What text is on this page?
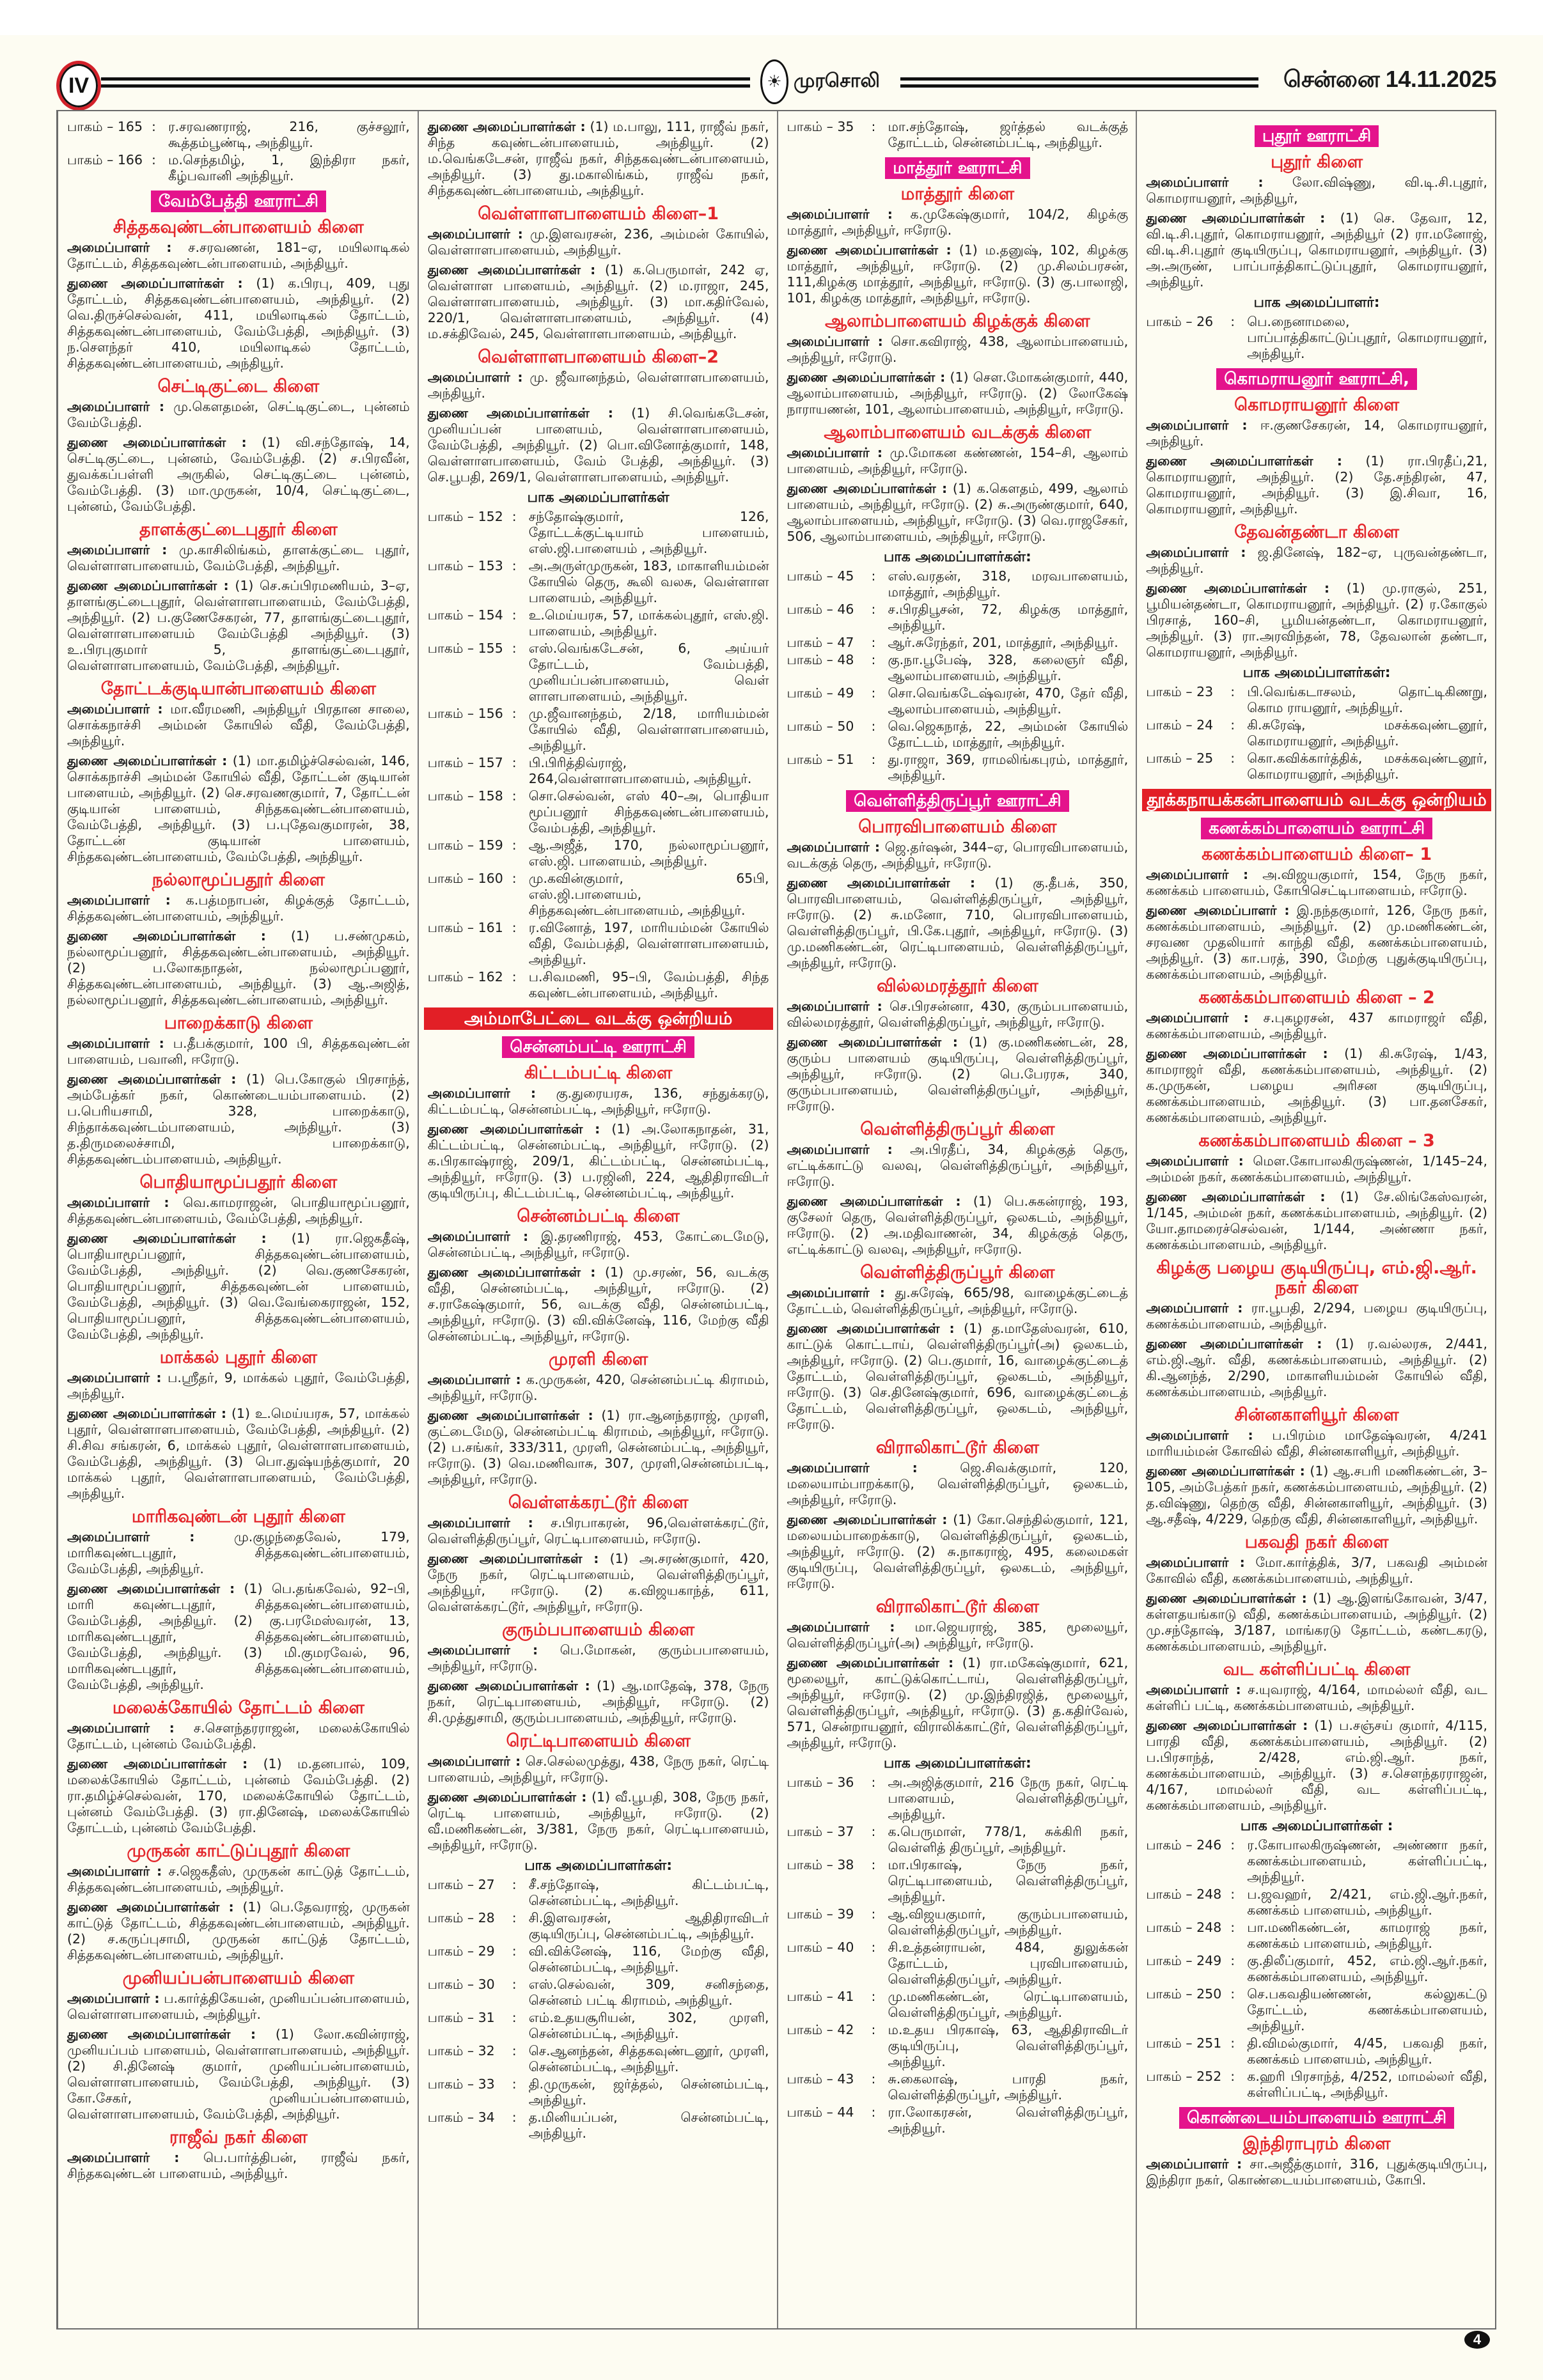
IV	☀ முரசொலி	சென்னை 14.11.2025
பாகம் – 165 : ர.சரவணராஜ், 216, குச்சலூர், கூத்தம்பூண்டி, அந்தியூர்.
பாகம் – 166 : ம.செந்தமிழ், 1, இந்திரா நகர், கீழ்பவானி அந்தியூர்.
வேம்பேத்தி ஊராட்சி
சித்தகவுண்டன்பாளையம் கிளை

அமைப்பாளர் : ச.சரவணன், 181–ஏ, மயிலாடிகல் தோட்டம், சித்தகவுண்டன்பாளையம், அந்தியூர்.

துணை அமைப்பாளர்கள் : (1) க.பிரபு, 409, புது தோட்டம், சித்தகவுண்டன்பாளையம், அந்தியூர். (2) வெ.திருச்செல்வன், 411, மயிலாடிகல் தோட்டம், சித்தகவுண்டன்பாளையம், வேம்பேத்தி, அந்தியூர். (3) ந.சௌந்தர் 410, மயிலாடிகல் தோட்டம், சித்தகவுண்டன்பாளையம், அந்தியூர்.

செட்டிகுட்டை கிளை

அமைப்பாளர் : மு.கௌதமன், செட்டிகுட்டை, புன்னம் வேம்பேத்தி.

துணை அமைப்பாளர்கள் : (1) வி.சந்தோஷ், 14, செட்டிகுட்டை, புன்னம், வேம்பேத்தி. (2) ச.பிரவீன், துவக்கப்பள்ளி அருகில், செட்டிகுட்டை புன்னம், வேம்பேத்தி. (3) மா.முருகன், 10/4, செட்டிகுட்டை, புன்னம், வேம்பேத்தி.

தாளக்குட்டைபுதூர் கிளை

அமைப்பாளர் : மு.காசிலிங்கம், தாளக்குட்டை புதூர், வெள்ளாளபாளையம், வேம்பேத்தி, அந்தியூர்.

துணை அமைப்பாளர்கள் : (1) செ.சுப்பிரமணியம், 3–ஏ, தாளங்குட்டைபுதூர், வெள்ளாளபாளையம், வேம்பேத்தி, அந்தியூர். (2) ப.குணேசேகரன், 77, தாளங்குட்டைபுதூர், வெள்ளாளபாளையம் வேம்பேத்தி அந்தியூர். (3) உ.பிரபுகுமார் 5, தாளங்குட்டைபுதூர், வெள்ளாளபாளையம், வேம்பேத்தி, அந்தியூர்.

தோட்டக்குடியான்பாளையம் கிளை

அமைப்பாளர் : மா.வீரமணி, அந்தியூர் பிரதான சாலை, சொக்கநாச்சி அம்மன் கோயில் வீதி, வேம்பேத்தி, அந்தியூர்.

துணை அமைப்பாளர்கள் : (1) மா.தமிழ்ச்செல்வன், 146, சொக்கநாச்சி அம்மன் கோயில் வீதி, தோட்டன் குடியான் பாளையம், அந்தியூர். (2) செ.சரவணகுமார், 7, தோட்டன் குடியான் பாளையம், சிந்தகவுண்டன்பாளையம், வேம்பேத்தி, அந்தியூர். (3) ப.புதேவகுமாரன், 38, தோட்டன் குடியான் பாளையம், சிந்தகவுண்டன்பாளையம், வேம்பேத்தி, அந்தியூர்.

நல்லாமூப்பதூர் கிளை

அமைப்பாளர் : க.பத்மநாபன், கிழக்குத் தோட்டம், சித்தகவுண்டன்பாளையம், அந்தியூர்.

துணை அமைப்பாளர்கள் : (1) ப.சண்முகம், நல்லாமூப்பனூர், சித்தகவுண்டன்பாளையம், அந்தியூர். (2) ப.லோகநாதன், நல்லாமூப்பனூர், சித்தகவுண்டன்பாளையம், அந்தியூர். (3) ஆ.அஜித், நல்லாமூப்பனூர், சித்தகவுண்டன்பாளையம், அந்தியூர்.

பாறைக்காடு கிளை

அமைப்பாளர் : ப.தீபக்குமார், 100 பி, சித்தகவுண்டன் பாளையம், பவானி, ஈரோடு.

துணை அமைப்பாளர்கள் : (1) பெ.கோகுல் பிரசாந்த், அம்பேத்கர் நகர், கொண்டையம்பாளையம். (2) ப.பெரியசாமி, 328, பாறைக்காடு, சிந்தாக்கவுண்டம்பாளையம், அந்தியூர். (3) த.திருமலைச்சாமி, பாறைக்காடு, சித்தகவுண்டம்பாளையம், அந்தியூர்.

பொதியாமூப்பதூர் கிளை

அமைப்பாளர் : வெ.காமராஜன், பொதியாமூப்பனூர், சித்தகவுண்டன்பாளையம், வேம்பேத்தி, அந்தியூர்.

துணை அமைப்பாளர்கள் : (1) ரா.ஜெகதீஷ், பொதியாமூப்பனூர், சித்தகவுண்டன்பாளையம், வேம்பேத்தி, அந்தியூர். (2) வெ.குணசேகரன், பொதியாமூப்பனூர், சித்தகவுண்டன் பாளையம், வேம்பேத்தி, அந்தியூர். (3) வெ.வேங்கைராஜன், 152, பொதியாமூப்பனூர், சித்தகவுண்டன்பாளையம், வேம்பேத்தி, அந்தியூர்.

மாக்கல் புதூர் கிளை

அமைப்பாளர் : ப.ஸ்ரீதர், 9, மாக்கல் புதூர், வேம்பேத்தி, அந்தியூர்.

துணை அமைப்பாளர்கள் : (1) உ.மெய்யரசு, 57, மாக்கல் புதூர், வெள்ளாளபாளையம், வேம்பேத்தி, அந்தியூர். (2) சி.சிவ சங்கரன், 6, மாக்கல் புதூர், வெள்ளாளபாளையம், வேம்பேத்தி, அந்தியூர். (3) பொ.துஷ்யந்த்குமார், 20 மாக்கல் புதூர், வெள்ளாளபாளையம், வேம்பேத்தி, அந்தியூர்.

மாரிகவுண்டன் புதூர் கிளை

அமைப்பாளர் :	மு.குழந்தைவேல், 179, மாரிகவுண்டபுதூர், சித்தகவுண்டன்பாளையம், வேம்பேத்தி, அந்தியூர்.

துணை அமைப்பாளர்கள் : (1) பெ.தங்கவேல், 92–பி, மாரி கவுண்டபுதூர், சித்தகவுண்டன்பாளையம், வேம்பேத்தி, அந்தியூர். (2) கு.பரமேஸ்வரன், 13, மாரிகவுண்டபுதூர், சித்தகவுண்டன்பாளையம், வேம்பேத்தி, அந்தியூர். (3) மி.குமரவேல், 96, மாரிகவுண்டபுதூர், சித்தகவுண்டன்பாளையம், வேம்பேத்தி, அந்தியூர்.

மலைக்கோயில் தோட்டம் கிளை

அமைப்பாளர் : ச.சௌந்தரராஜன், மலைக்கோயில் தோட்டம், புன்னம் வேம்பேத்தி.

துணை அமைப்பாளர்கள் : (1) ம.தனபால், 109, மலைக்கோயில் தோட்டம், புன்னம் வேம்பேத்தி. (2) ரா.தமிழ்ச்செல்வன், 170, மலைக்கோயில் தோட்டம், புன்னம் வேம்பேத்தி. (3) ரா.தினேஷ், மலைக்கோயில் தோட்டம், புன்னம் வேம்பேத்தி.

முருகன் காட்டுப்புதூர் கிளை

அமைப்பாளர் : ச.ஜெகதீஸ், முருகன் காட்டுத் தோட்டம், சித்தகவுண்டன்பாளையம், அந்தியூர்.

துணை அமைப்பாளர்கள் : (1) பெ.தேவராஜ், முருகன் காட்டுத் தோட்டம், சித்தகவுண்டன்பாளையம், அந்தியூர். (2) ச.கருப்புசாமி, முருகன் காட்டுத் தோட்டம், சித்தகவுண்டன்பாளையம், அந்தியூர்.

முனியப்பன்பாளையம் கிளை

அமைப்பாளர் : ப.கார்த்திகேயன், முனியப்பன்பாளையம், வெள்ளாளபாளையம், அந்தியூர்.

துணை அமைப்பாளர்கள் : (1) லோ.கவின்ராஜ், முனியப்பம் பாளையம், வெள்ளாளபாளையம், அந்தியூர். (2) சி.தினேஷ் குமார், முனியப்பன்பாளையம், வெள்ளாளபாளையம், வேம்பேத்தி, அந்தியூர். (3) கோ.சேகர், முனியப்பன்பாளையம், வெள்ளாளபாளையம், வேம்பேத்தி, அந்தியூர்.

ராஜீவ் நகர் கிளை

அமைப்பாளர் : பெ.பார்த்திபன், ராஜீவ் நகர், சிந்தகவுண்டன் பாளையம், அந்தியூர்.

துணை அமைப்பாளர்கள் : (1) ம.பாலு, 111, ராஜீவ் நகர், சிந்த கவுண்டன்பாளையம், அந்தியூர். (2) ம.வெங்கடேசன், ராஜீவ் நகர், சிந்தகவுண்டன்பாளையம், அந்தியூர். (3) து.மகாலிங்கம், ராஜீவ் நகர், சிந்தகவுண்டன்பாளையம், அந்தியூர்.

வெள்ளாளபாளையம் கிளை–1

அமைப்பாளர் : மு.இளவரசன், 236, அம்மன் கோயில், வெள்ளாளபாளையம், அந்தியூர்.

துணை அமைப்பாளர்கள் : (1) க.பெருமாள், 242 ஏ, வெள்ளாள பாளையம், அந்தியூர். (2) ம.ராஜா, 245, வெள்ளாளபாளையம், அந்தியூர். (3) மா.கதிர்வேல், 220/1, வெள்ளாளபாளையம், அந்தியூர். (4) ம.சக்திவேல், 245, வெள்ளாளபாளையம், அந்தியூர்.

வெள்ளாளபாளையம் கிளை–2

அமைப்பாளர் : மு. ஜீவானந்தம், வெள்ளாளபாளையம், அந்தியூர்.

துணை அமைப்பாளர்கள் : (1) சி.வெங்கடேசன், முனியப்பன் பாளையம், வெள்ளாளபாளையம், வேம்பேத்தி, அந்தியூர். (2) பொ.வினோத்குமார், 148, வெள்ளாளபாளையம், வேம் பேத்தி, அந்தியூர். (3) செ.பூபதி, 269/1, வெள்ளாளபாளையம், அந்தியூர்.

பாக அமைப்பாளர்கள்
பாகம் – 152 : சந்தோஷ்குமார், 126, தோட்டக்குட்டியாம் பாளையம், எஸ்.ஜி.பாளையம் , அந்தியூர்.
பாகம் – 153 : அ.அருள்முருகன், 183, மாகாளியம்மன் கோயில் தெரு, கூலி வலசு, வெள்ளாள பாளையம், அந்தியூர்.
பாகம் – 154 : உ.மெய்யரசு, 57, மாக்கல்புதூர், எஸ்.ஜி. பாளையம், அந்தியூர்.
பாகம் – 155 : எஸ்.வெங்கடேசன், 6, அய்யர் தோட்டம், வேம்பத்தி, முனியப்பன்பாளையம், வெள் ளாளபாளையம், அந்தியூர்.
பாகம் – 156 : மு.ஜீவானந்தம், 2/18, மாரியம்மன் கோயில் வீதி, வெள்ளாளபாளையம், அந்தியூர்.
பாகம் – 157 : பி.பிரித்திவ்ராஜ், 264,வெள்ளாளபாளையம், அந்தியூர்.
பாகம் – 158 : சொ.செல்வன், எஸ் 40–அ, பொதியா மூப்பனூர் சிந்தகவுண்டன்பாளையம், வேம்பத்தி, அந்தியூர்.
பாகம் – 159 : ஆ.அஜீத், 170, நல்லாமூப்பனூர், எஸ்.ஜி. பாளையம், அந்தியூர்.
பாகம் – 160 : மு.கவின்குமார், 65பி, எஸ்.ஜி.பாளையம், சிந்தகவுண்டன்பாளையம், அந்தியூர்.
பாகம் – 161 : ர.வினோத், 197, மாரியம்மன் கோயில் வீதி, வேம்பத்தி, வெள்ளாளபாளையம், அந்தியூர்.
பாகம் – 162 : ப.சிவமணி, 95–பி, வேம்பத்தி, சிந்த கவுண்டன்பாளையம், அந்தியூர்.
அம்மாபேட்டை வடக்கு ஒன்றியம்
சென்னம்பட்டி ஊராட்சி
கிட்டம்பட்டி கிளை

அமைப்பாளர் : கு.துரையரசு, 136, சந்துக்கரடு, கிட்டம்பட்டி, சென்னம்பட்டி, அந்தியூர், ஈரோடு.

துணை அமைப்பாளர்கள் : (1) அ.லோகநாதன், 31, கிட்டம்பட்டி, சென்னம்பட்டி, அந்தியூர், ஈரோடு. (2) க.பிரகாஷ்ராஜ், 209/1, கிட்டம்பட்டி, சென்னம்பட்டி, அந்தியூர், ஈரோடு. (3) ப.ரஜினி, 224, ஆதிதிராவிடர் குடியிருப்பு, கிட்டம்பட்டி, சென்னம்பட்டி, அந்தியூர்.

சென்னம்பட்டி கிளை

அமைப்பாளர் : இ.தரணிராஜ், 453, கோட்டைமேடு, சென்னம்பட்டி, அந்தியூர், ஈரோடு.

துணை அமைப்பாளர்கள் : (1) மு.சரண், 56, வடக்கு வீதி, சென்னம்பட்டி, அந்தியூர், ஈரோடு. (2) ச.ராகேஷ்குமார், 56, வடக்கு வீதி, சென்னம்பட்டி, அந்தியூர், ஈரோடு. (3) வி.விக்னேஷ், 116, மேற்கு வீதி சென்னம்பட்டி, அந்தியூர், ஈரோடு.

முரளி கிளை

அமைப்பாளர் : க.முருகன், 420, சென்னம்பட்டி கிராமம், அந்தியூர், ஈரோடு.

துணை அமைப்பாளர்கள் : (1) ரா.ஆனந்தராஜ், முரளி, குட்டைமேடு, சென்னம்பட்டி கிராமம், அந்தியூர், ஈரோடு. (2) ப.சங்கர், 333/311, முரளி, சென்னம்பட்டி, அந்தியூர், ஈரோடு. (3) வெ.மணிவாசு, 307, முரளி,சென்னம்பட்டி, அந்தியூர், ஈரோடு.

வெள்ளக்கரட்டூர் கிளை

அமைப்பாளர் : ச.பிரபாகரன், 96,வெள்ளக்கரட்டூர், வெள்ளித்திருப்பூர், ரெட்டிபாளையம், ஈரோடு.

துணை அமைப்பாளர்கள் : (1) அ.சரண்குமார், 420, நேரு நகர், ரெட்டிபாளையம், வெள்ளித்திருப்பூர், அந்தியூர், ஈரோடு. (2) க.விஜயகாந்த், 611, வெள்ளக்கரட்டூர், அந்தியூர், ஈரோடு.

குரும்பபாளையம் கிளை

அமைப்பாளர் : பெ.மோகன், குரும்பபாளையம், அந்தியூர், ஈரோடு.

துணை அமைப்பாளர்கள் : (1) ஆ.மாதேஷ், 378, நேரு நகர், ரெட்டிபாளையம், அந்தியூர், ஈரோடு. (2) சி.முத்துசாமி, குரும்பபாளையம், அந்தியூர், ஈரோடு.

ரெட்டிபாளையம் கிளை

அமைப்பாளர் : செ.செல்லமுத்து, 438, நேரு நகர், ரெட்டி பாளையம், அந்தியூர், ஈரோடு.

துணை அமைப்பாளர்கள் : (1) வீ.பூபதி, 308, நேரு நகர், ரெட்டி பாளையம், அந்தியூர், ஈரோடு. (2) வீ.மணிகண்டன், 3/381, நேரு நகர், ரெட்டிபாளையம், அந்தியூர், ஈரோடு.

பாக அமைப்பாளர்கள்:
பாகம் – 27	: சீ.சந்தோஷ், கிட்டம்பட்டி, சென்னம்பட்டி, அந்தியூர்.
பாகம் – 28	: சி.இளவரசன், ஆதிதிராவிடர் குடியிருப்பு, சென்னம்பட்டி, அந்தியூர்.
பாகம் – 29	: வி.விக்னேஷ், 116, மேற்கு வீதி, சென்னம்பட்டி, அந்தியூர்.
பாகம் – 30	: எஸ்.செல்வன், 309, சனிசந்தை, சென்னம் பட்டி கிராமம், அந்தியூர்.
பாகம் – 31	: எம்.உதயசூரியன், 302, முரளி, சென்னம்பட்டி, அந்தியூர்.
பாகம் – 32	: செ.ஆனந்தன், சித்தகவுண்டனூர், முரளி, சென்னம்பட்டி, அந்தியூர்.
பாகம் – 33	: தி.முருகன், ஜர்த்தல், சென்னம்பட்டி, அந்தியூர்.
பாகம் – 34	: த.மினியப்பன், சென்னம்பட்டி, அந்தியூர்.
பாகம் – 35	: மா.சந்தோஷ், ஜர்த்தல் வடக்குத் தோட்டம், சென்னம்பட்டி, அந்தியூர்.
மாத்தூர் ஊராட்சி
மாத்தூர் கிளை

அமைப்பாளர் : க.முகேஷ்குமார், 104/2, கிழக்கு மாத்தூர், அந்தியூர், ஈரோடு.

துணை அமைப்பாளர்கள் : (1) ம.தனுஷ், 102, கிழக்கு மாத்தூர், அந்தியூர், ஈரோடு. (2) மு.சிலம்பரசன், 111,கிழக்கு மாத்தூர், அந்தியூர், ஈரோடு. (3) கு.பாலாஜி, 101, கிழக்கு மாத்தூர், அந்தியூர், ஈரோடு.

ஆலாம்பாளையம் கிழக்குக் கிளை

அமைப்பாளர் : சொ.கவிராஜ், 438, ஆலாம்பாளையம், அந்தியூர், ஈரோடு.

துணை அமைப்பாளர்கள் : (1) சௌ.மோகன்குமார், 440, ஆலாம்பாளையம், அந்தியூர், ஈரோடு. (2) லோகேஷ் நாராயணன், 101, ஆலாம்பாளையம், அந்தியூர், ஈரோடு.

ஆலாம்பாளையம் வடக்குக் கிளை

அமைப்பாளர் : மு.மோகன கண்ணன், 154–சி, ஆலாம் பாளையம், அந்தியூர், ஈரோடு.

துணை அமைப்பாளர்கள் : (1) க.கௌதம், 499, ஆலாம் பாளையம், அந்தியூர், ஈரோடு. (2) சு.அருண்குமார், 640, ஆலாம்பாளையம், அந்தியூர், ஈரோடு. (3) வெ.ராஜசேகர், 506, ஆலாம்பாளையம், அந்தியூர், ஈரோடு.

பாக அமைப்பாளர்கள்:
பாகம் – 45	: எஸ்.வரதன், 318, மரவபாளையம், மாத்தூர், அந்தியூர்.
பாகம் – 46	: ச.பிரதிபூசன், 72, கிழக்கு மாத்தூர், அந்தியூர்.
பாகம் – 47	: ஆர்.சுரேந்தர், 201, மாத்தூர், அந்தியூர்.
பாகம் – 48	: கு.நா.பூபேஷ், 328, கலைஞர் வீதி, ஆலாம்பாளையம், அந்தியூர்.
பாகம் – 49	: சொ.வெங்கடேஷ்வரன், 470, தேர் வீதி, ஆலாம்பாளையம், அந்தியூர்.
பாகம் – 50	: வெ.ஜெகநாத், 22, அம்மன் கோயில் தோட்டம், மாத்தூர், அந்தியூர்.
பாகம் – 51	: து.ராஜா, 369, ராமலிங்கபுரம், மாத்தூர், அந்தியூர்.
வெள்ளித்திருப்பூர் ஊராட்சி
பொரவிபாளையம் கிளை

அமைப்பாளர் : ஜெ.தர்ஷன், 344–ஏ, பொரவிபாளையம், வடக்குத் தெரு, அந்தியூர், ஈரோடு.

துணை அமைப்பாளர்கள் : (1) கு.தீபக், 350, பொரவிபாளையம், வெள்ளித்திருப்பூர், அந்தியூர், ஈரோடு. (2) சு.மனோ, 710, பொரவிபாளையம், வெள்ளித்திருப்பூர், பி.கே.புதூர், அந்தியூர், ஈரோடு. (3) மு.மணிகண்டன், ரெட்டிபாளையம், வெள்ளித்திருப்பூர், அந்தியூர், ஈரோடு.

வில்லமரத்தூர் கிளை

அமைப்பாளர் : செ.பிரசன்னா, 430, குரும்பபாளையம், வில்லமரத்தூர், வெள்ளித்திருப்பூர், அந்தியூர், ஈரோடு.

துணை அமைப்பாளர்கள் : (1) கு.மணிகண்டன், 28, குரும்ப பாளையம் குடியிருப்பு, வெள்ளித்திருப்பூர், அந்தியூர், ஈரோடு. (2) பெ.பேரரசு, 340, குரும்பபாளையம், வெள்ளித்திருப்பூர், அந்தியூர், ஈரோடு.

வெள்ளித்திருப்பூர் கிளை

அமைப்பாளர் : அ.பிரதீப், 34, கிழக்குத் தெரு, எட்டிக்காட்டு வலவு, வெள்ளித்திருப்பூர், அந்தியூர், ஈரோடு.

துணை அமைப்பாளர்கள் : (1) பெ.சுகன்ராஜ், 193, குசேலர் தெரு, வெள்ளித்திருப்பூர், ஒலகடம், அந்தியூர், ஈரோடு. (2) அ.மதிவாணன், 34, கிழக்குத் தெரு, எட்டிக்காட்டு வலவு, அந்தியூர், ஈரோடு.

வெள்ளித்திருப்பூர் கிளை

அமைப்பாளர் : து.சுரேஷ், 665/98, வாழைக்குட்டைத் தோட்டம், வெள்ளித்திருப்பூர், அந்தியூர், ஈரோடு.

துணை அமைப்பாளர்கள் : (1) த.மாதேஸ்வரன், 610, காட்டுக் கொட்டாய், வெள்ளித்திருப்பூர்(அ) ஒலகடம், அந்தியூர், ஈரோடு. (2) பெ.குமார், 16, வாழைக்குட்டைத் தோட்டம், வெள்ளித்திருப்பூர், ஒலகடம், அந்தியூர், ஈரோடு. (3) செ.தினேஷ்குமார், 696, வாழைக்குட்டைத் தோட்டம், வெள்ளித்திருப்பூர், ஒலகடம், அந்தியூர், ஈரோடு.

விராலிகாட்டூர் கிளை

அமைப்பாளர் :	ஜெ.சிவக்குமார், 120, மலையாம்பாறக்காடு, வெள்ளித்திருப்பூர், ஒலகடம், அந்தியூர், ஈரோடு.

துணை அமைப்பாளர்கள் : (1) கோ.செந்தில்குமார், 121, மலையம்பாறைக்காடு, வெள்ளித்திருப்பூர், ஒலகடம், அந்தியூர், ஈரோடு. (2) சு.நாகராஜ், 495, கலைமகள் குடியிருப்பு, வெள்ளித்திருப்பூர், ஒலகடம், அந்தியூர், ஈரோடு.

விராலிகாட்டூர் கிளை

அமைப்பாளர் : மா.ஜெயராஜ், 385, மூலையூர், வெள்ளித்திருப்பூர்(அ) அந்தியூர், ஈரோடு.

துணை அமைப்பாளர்கள் : (1) ரா.மகேஷ்குமார், 621, மூலையூர், காட்டுக்கொட்டாய், வெள்ளித்திருப்பூர், அந்தியூர், ஈரோடு. (2) மு.இந்திரஜித், மூலையூர், வெள்ளித்திருப்பூர், அந்தியூர், ஈரோடு. (3) த.கதிர்வேல், 571, சென்றாயனூர், விராலிக்காட்டூர், வெள்ளித்திருப்பூர், அந்தியூர், ஈரோடு.

பாக அமைப்பாளர்கள்:
பாகம் – 36	: அ.அஜித்குமார், 216 நேரு நகர், ரெட்டி பாளையம், வெள்ளித்திருப்பூர், அந்தியூர்.
பாகம் – 37	: க.பெருமாள், 778/1, சுக்கிரி நகர், வெள்ளித் திருப்பூர், அந்தியூர்.
பாகம் – 38	: மா.பிரகாஷ், நேரு நகர், ரெட்டிபாளையம், வெள்ளித்திருப்பூர், அந்தியூர்.
பாகம் – 39	: ஆ.விஜயகுமார், குரும்பபாளையம், வெள்ளித்திருப்பூர், அந்தியூர்.
பாகம் – 40	: சி.உத்தன்ராயன், 484, துலுக்கன் தோட்டம், புரவிபாளையம், வெள்ளித்திருப்பூர், அந்தியூர்.
பாகம் – 41	: மு.மணிகண்டன், ரெட்டிபாளையம், வெள்ளித்திருப்பூர், அந்தியூர்.
பாகம் – 42	: ம.உதய பிரகாஷ், 63, ஆதிதிராவிடர் குடியிருப்பு, வெள்ளித்திருப்பூர், அந்தியூர்.
பாகம் – 43	: சு.கைலாஷ், பாரதி நகர், வெள்ளித்திருப்பூர், அந்தியூர்.
பாகம் – 44	: ரா.லோகரசன், வெள்ளித்திருப்பூர், அந்தியூர்.
புதூர் ஊராட்சி
புதூர் கிளை

அமைப்பாளர் : லோ.விஷ்ணு, வி.டி.சி.புதூர், கொமராயனூர், அந்தியூர்,

துணை அமைப்பாளர்கள் : (1) செ. தேவா, 12, வி.டி.சி.புதூர், கொமராயனூர், அந்தியூர் (2) ரா.மனோஜ், வி.டி.சி.புதூர் குடியிருப்பு, கொமராயனூர், அந்தியூர். (3) அ.அருண், பாப்பாத்திகாட்டுப்புதூர், கொமராயனூர், அந்தியூர்.

பாக அமைப்பாளர்:
பாகம் – 26	: பெ.நைனாமலை, பாப்பாத்திகாட்டுப்புதூர், கொமராயனூர், அந்தியூர்.
கொமராயனூர் ஊராட்சி,
கொமராயனூர் கிளை

அமைப்பாளர் : ஈ.குணசேகரன், 14, கொமராயனூர், அந்தியூர்.

துணை அமைப்பாளர்கள் : (1) ரா.பிரதீப்,21, கொமராயனூர், அந்தியூர். (2) தே.சந்திரன், 47, கொமராயனூர், அந்தியூர். (3) இ.சிவா, 16, கொமராயனூர், அந்தியூர்.

தேவன்தண்டா கிளை

அமைப்பாளர் : ஜ.தினேஷ், 182–ஏ, புருவன்தண்டா, அந்தியூர்.

துணை அமைப்பாளர்கள் : (1) மு.ராகுல், 251, பூமியன்தண்டா, கொமராயனூர், அந்தியூர். (2) ர.கோகுல் பிரசாத், 160–சி, பூமியன்தண்டா, கொமராயனூர், அந்தியூர். (3) ரா.அரவிந்தன், 78, தேவலான் தண்டா, கொமராயனூர், அந்தியூர்.

பாக அமைப்பாளர்கள்:
பாகம் – 23	: பி.வெங்கடாசலம், தொட்டிகிணறு, கொம ராயனூர், அந்தியூர்.
பாகம் – 24	: கி.சுரேஷ், மசக்கவுண்டனூர், கொமராயனூர், அந்தியூர்.
பாகம் – 25	: கொ.கவிக்கார்த்திக், மசக்கவுண்டனூர், கொமராயனூர், அந்தியூர்.
தூக்கநாயக்கன்பாளையம் வடக்கு ஒன்றியம்
கணக்கம்பாளையம் ஊராட்சி
கணக்கம்பாளையம் கிளை– 1

அமைப்பாளர் : அ.விஜயகுமார், 154, நேரு நகர், கணக்கம் பாளையம், கோபிசெட்டிபாளையம், ஈரோடு.

துணை அமைப்பாளர் : இ.நந்தகுமார், 126, நேரு நகர், கணக்கம்பாளையம், அந்தியூர். (2) மு.மணிகண்டன், சரவண முதலியார் காந்தி வீதி, கணக்கம்பாளையம், அந்தியூர். (3) கா.பரத், 390, மேற்கு புதுக்குடியிருப்பு, கணக்கம்பாளையம், அந்தியூர்.

கணக்கம்பாளையம் கிளை – 2

அமைப்பாளர் : ச.புகழரசன், 437 காமராஜர் வீதி, கணக்கம்பாளையம், அந்தியூர்.

துணை அமைப்பாளர்கள் : (1) கி.சுரேஷ், 1/43, காமராஜர் வீதி, கணக்கம்பாளையம், அந்தியூர். (2) க.முருகன், பழைய அரிசன குடியிருப்பு, கணக்கம்பாளையம், அந்தியூர். (3) பா.தனசேகர், கணக்கம்பாளையம், அந்தியூர்.

கணக்கம்பாளையம் கிளை – 3

அமைப்பாளர் : மௌ.கோபாலகிருஷ்ணன், 1/145–24, அம்மன் நகர், கணக்கம்பாளையம், அந்தியூர்.

துணை அமைப்பாளர்கள் : (1) சே.லிங்கேஸ்வரன், 1/145, அம்மன் நகர், கணக்கம்பாளையம், அந்தியூர். (2) யோ.தாமரைச்செல்வன், 1/144, அண்ணா நகர், கணக்கம்பாளையம், அந்தியூர்.

கிழக்கு பழைய குடியிருப்பு, எம்.ஜி.ஆர். நகர் கிளை

அமைப்பாளர் : ரா.பூபதி, 2/294, பழைய குடியிருப்பு, கணக்கம்பாளையம், அந்தியூர்.

துணை அமைப்பாளர்கள் : (1) ர.வல்லரசு, 2/441, எம்.ஜி.ஆர். வீதி, கணக்கம்பாளையம், அந்தியூர். (2) கி.ஆனந்த், 2/290, மாகாளியம்மன் கோயில் வீதி, கணக்கம்பாளையம், அந்தியூர்.

சின்னகாளியூர் கிளை

அமைப்பாளர் : ப.பிரம்ம மாதேஷ்வரன், 4/241 மாரியம்மன் கோவில் வீதி, சின்னகாளியூர், அந்தியூர்.

துணை அமைப்பாளர்கள் : (1) ஆ.சபரி மணிகண்டன், 3–105, அம்பேத்கர் நகர், கணக்கம்பாளையம், அந்தியூர். (2) த.விஷ்ணு, தெற்கு வீதி, சின்னகாளியூர், அந்தியூர். (3) ஆ.சதீஷ், 4/229, தெற்கு வீதி, சின்னகாளியூர், அந்தியூர்.

பகவதி நகர் கிளை

அமைப்பாளர் : மோ.கார்த்திக், 3/7, பகவதி அம்மன் கோவில் வீதி, கணக்கம்பாளையம், அந்தியூர்.

துணை அமைப்பாளர்கள் : (1) ஆ.இளங்கோவன், 3/47, கள்ளதயங்காடு வீதி, கணக்கம்பாளையம், அந்தியூர். (2) மு.சந்தோஷ், 3/187, மாங்கரடு தோட்டம், கண்டகரடு, கணக்கம்பாளையம், அந்தியூர்.

வட கள்ளிப்பட்டி கிளை

அமைப்பாளர் : ச.யுவராஜ், 4/164, மாமல்லர் வீதி, வட கள்ளிப் பட்டி, கணக்கம்பாளையம், அந்தியூர்.

துணை அமைப்பாளர்கள் : (1) ப.சஞ்சய் குமார், 4/115, பாரதி வீதி, கணக்கம்பாளையம், அந்தியூர். (2) ப.பிரசாந்த், 2/428, எம்.ஜி.ஆர். நகர், கணக்கம்பாளையம், அந்தியூர். (3) ச.சௌந்தரராஜன், 4/167, மாமல்லர் வீதி, வட கள்ளிப்பட்டி, கணக்கம்பாளையம், அந்தியூர்.

பாக அமைப்பாளர்கள் :
பாகம் – 246 : ர.கோபாலகிருஷ்ணன், அண்ணா நகர், கணக்கம்பாளையம், கள்ளிப்பட்டி, அந்தியூர்.
பாகம் – 248 : ப.ஜவஹர், 2/421, எம்.ஜி.ஆர்.நகர், கணக்கம் பாளையம், அந்தியூர்.
பாகம் – 248 : பா.மணிகண்டன், காமராஜ் நகர், கணக்கம் பாளையம், அந்தியூர்.
பாகம் – 249 : கு.திலீப்குமார், 452, எம்.ஜி.ஆர்.நகர், கணக்கம்பாளையம், அந்தியூர்.
பாகம் – 250 : செ.பகவதியண்ணன், கல்லுகட்டு தோட்டம், கணக்கம்பாளையம், அந்தியூர்.
பாகம் – 251 : தி.விமல்குமார், 4/45, பகவதி நகர், கணக்கம் பாளையம், அந்தியூர்.
பாகம் – 252 : க.ஹரி பிரசாந்த், 4/252, மாமல்லர் வீதி, கள்ளிப்பட்டி, அந்தியூர்.
கொண்டையம்பாளையம் ஊராட்சி
இந்திராபுரம் கிளை

அமைப்பாளர் : சா.அஜீத்குமார், 316, புதுக்குடியிருப்பு, இந்திரா நகர், கொண்டையம்பாளையம், கோபி.

4
